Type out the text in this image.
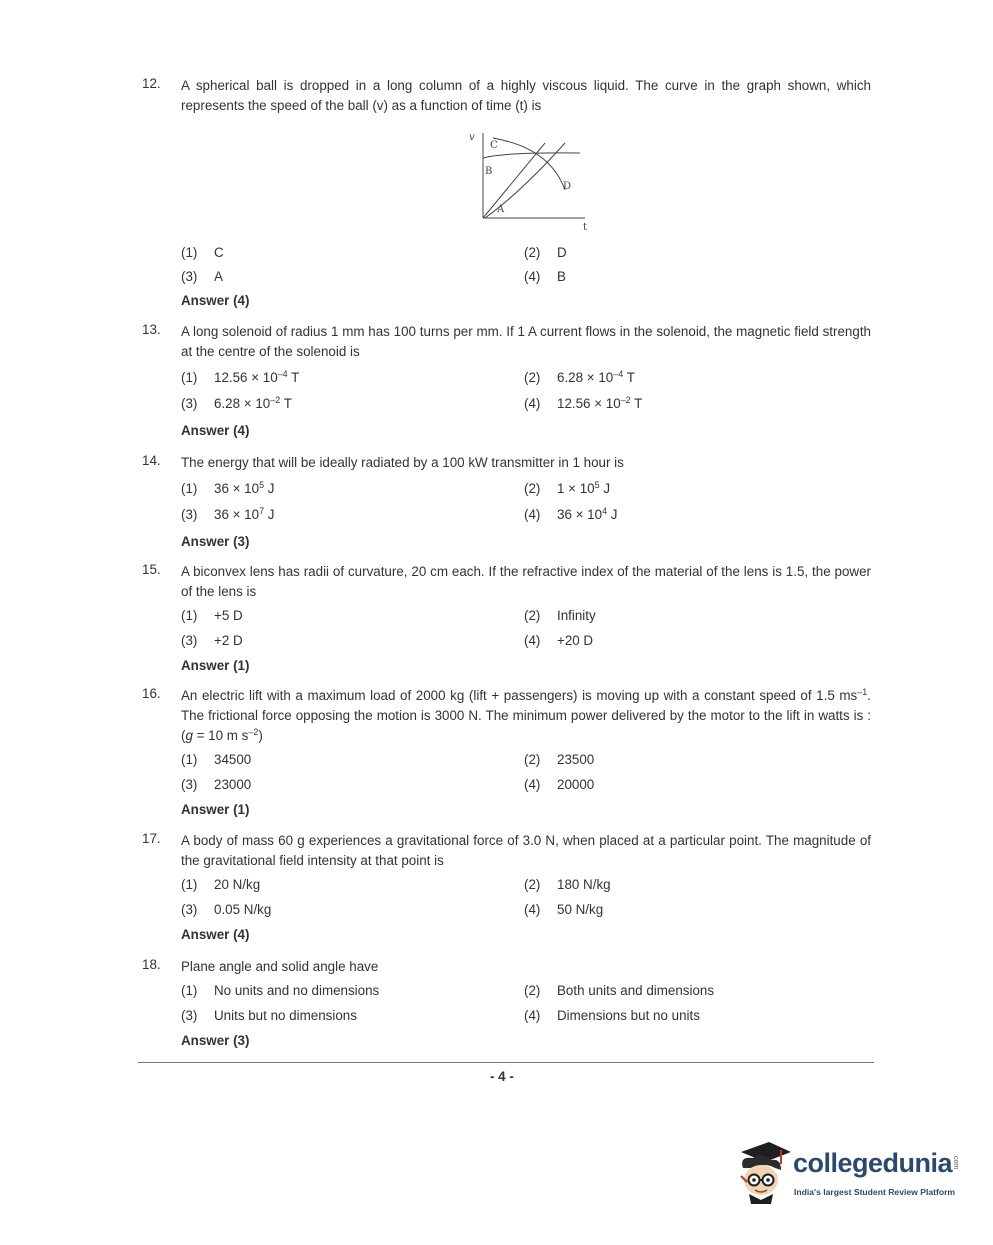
12. A spherical ball is dropped in a long column of a highly viscous liquid. The curve in the graph shown, which represents the speed of the ball (v) as a function of time (t) is
v
A
B
C
D
t
(1) C	(2) D
(3) A	(4) B
Answer (4)
13. A long solenoid of radius 1 mm has 100 turns per mm. If 1 A current flows in the solenoid, the magnetic field strength at the centre of the solenoid is
(1) $12.56 \times 10^{-4}$ T	(2) $6.28 \times 10^{-4}$ T
(3) $6.28 \times 10^{-2}$ T	(4) $12.56 \times 10^{-2}$ T
Answer (4)
14. The energy that will be ideally radiated by a 100 kW transmitter in 1 hour is
(1) $36 \times 10^5$ J	(2) $1 \times 10^5$ J
(3) $36 \times 10^7$ J	(4) $36 \times 10^4$ J
Answer (3)
15. A biconvex lens has radii of curvature, 20 cm each. If the refractive index of the material of the lens is 1.5, the power of the lens is
(1) +5 D	(2) Infinity
(3) +2 D	(4) +20 D
Answer (1)
16. An electric lift with a maximum load of 2000 kg (lift + passengers) is moving up with a constant speed of 1.5 $ms^{-1}$. The frictional force opposing the motion is 3000 N. The minimum power delivered by the motor to the lift in watts is : (g = 10 m $s^{-2}$)
(1) 34500	(2) 23500
(3) 23000	(4) 20000
Answer (1)
17. A body of mass 60 g experiences a gravitational force of 3.0 N, when placed at a particular point. The magnitude of the gravitational field intensity at that point is
(1) 20 N/kg	(2) 180 N/kg
(3) 0.05 N/kg	(4) 50 N/kg
Answer (4)
18. Plane angle and solid angle have
(1) No units and no dimensions	(2) Both units and dimensions
(3) Units but no dimensions	(4) Dimensions but no units
Answer (3)
- 4 -
collegedunia .com
India's largest Student Review Platform
